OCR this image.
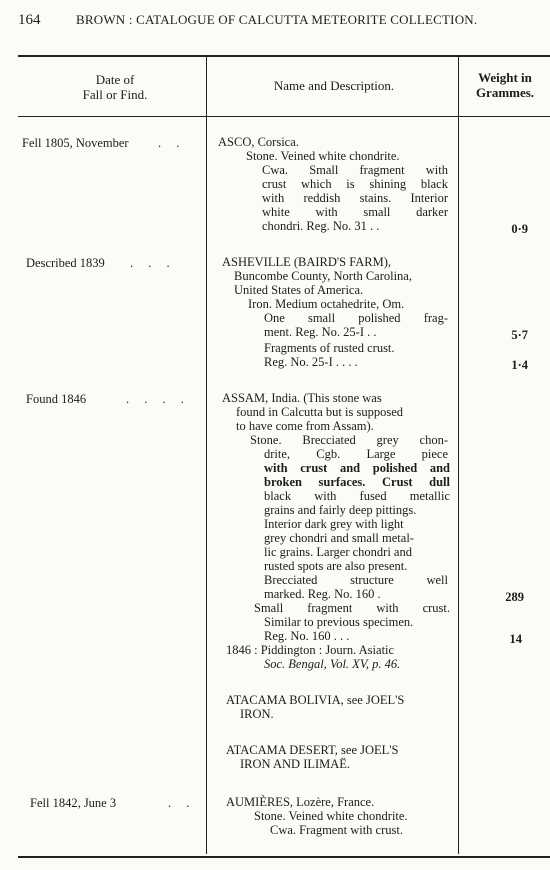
164	BROWN : CATALOGUE OF CALCUTTA METEORITE COLLECTION.
Date of
Fall or Find.
Name and Description.
Weight in
Grammes.
Fell 1805, November . .	ASCO, Corsica.
Stone. Veined white chondrite.
Cwa. Small fragment with
crust which is shining black
with reddish stains. Interior
white with small darker
chondri. Reg. No. 31 . .	0·9
Described 1839 . . .	ASHEVILLE (BAIRD'S FARM),
Buncombe County, North Carolina,
United States of America.
Iron. Medium octahedrite, Om.
One small polished frag-
ment. Reg. No. 25-I . .	5·7
Fragments of rusted crust.
Reg. No. 25-I . . . .	1·4
Found 1846	. . . .	ASSAM, India. (This stone was
found in Calcutta but is supposed
to have come from Assam).
Stone. Brecciated grey chon-
drite, Cgb. Large piece
with crust and polished and
broken surfaces. Crust dull
black with fused metallic
grains and fairly deep pittings.
Interior dark grey with light
grey chondri and small metal-
lic grains. Larger chondri and
rusted spots are also present.
Brecciated structure well
marked. Reg. No. 160 .	289
Small fragment with crust.
Similar to previous specimen.
Reg. No. 160 . . .	14
1846 : Piddington : Journ. Asiatic
Soc. Bengal, Vol. XV, p. 46.
ATACAMA BOLIVIA, see JOEL'S
IRON.
ATACAMA DESERT, see JOEL'S
IRON AND ILIMAË.
Fell 1842, June 3	. . AUMIÈRES, Lozère, France.
Stone. Veined white chondrite.
Cwa. Fragment with crust.
